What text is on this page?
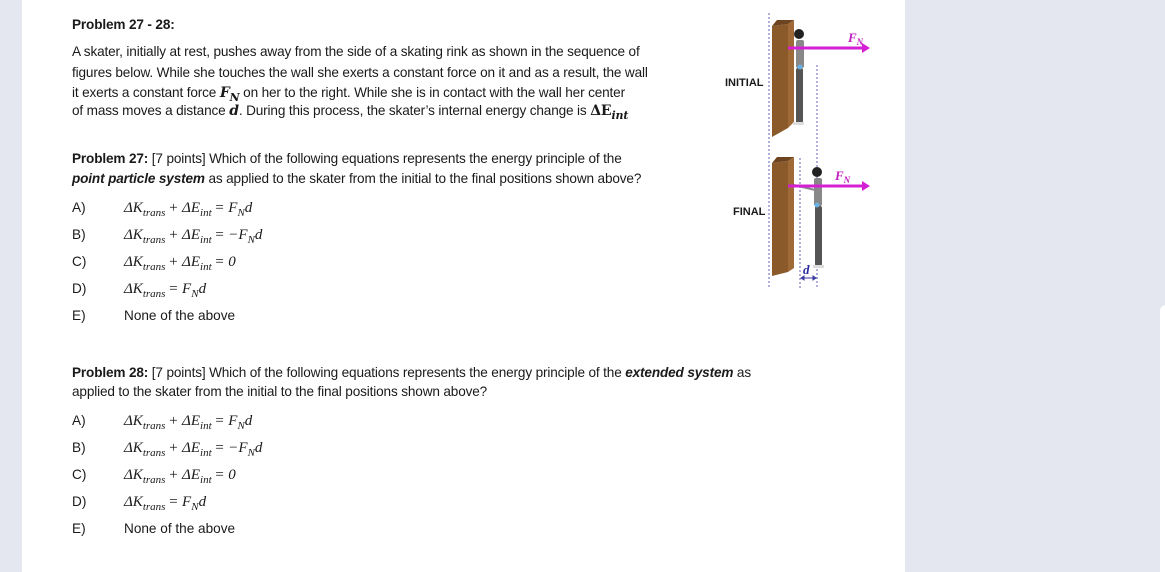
Problem 27 - 28:
A skater, initially at rest, pushes away from the side of a skating rink as shown in the sequence of
figures below. While she touches the wall she exerts a constant force on it and as a result, the wall
it exerts a constant force $F_N$ on her to the right. While she is in contact with the wall her center
of mass moves a distance d. During this process, the skater’s internal energy change is $\Delta E_{int}$
Problem 27: [7 points] Which of the following equations represents the energy principle of the
point particle system as applied to the skater from the initial to the final positions shown above?
A)	$\Delta K_{trans} + \Delta E_{int} = F_Nd$
B)	$\Delta K_{trans} + \Delta E_{int} = -F_Nd$
C)	$\Delta K_{trans} + \Delta E_{int} = 0$
D)	$\Delta K_{trans} = F_Nd$
E)	None of the above
Problem 28: [7 points] Which of the following equations represents the energy principle of the extended system as
applied to the skater from the initial to the final positions shown above?
A)	$\Delta K_{trans} + \Delta E_{int} = F_Nd$
B)	$\Delta K_{trans} + \Delta E_{int} = -F_Nd$
C)	$\Delta K_{trans} + \Delta E_{int} = 0$
D)	$\Delta K_{trans} = F_Nd$
E)	None of the above
INITIAL
FINAL
$F_N$
$F_N$
d
